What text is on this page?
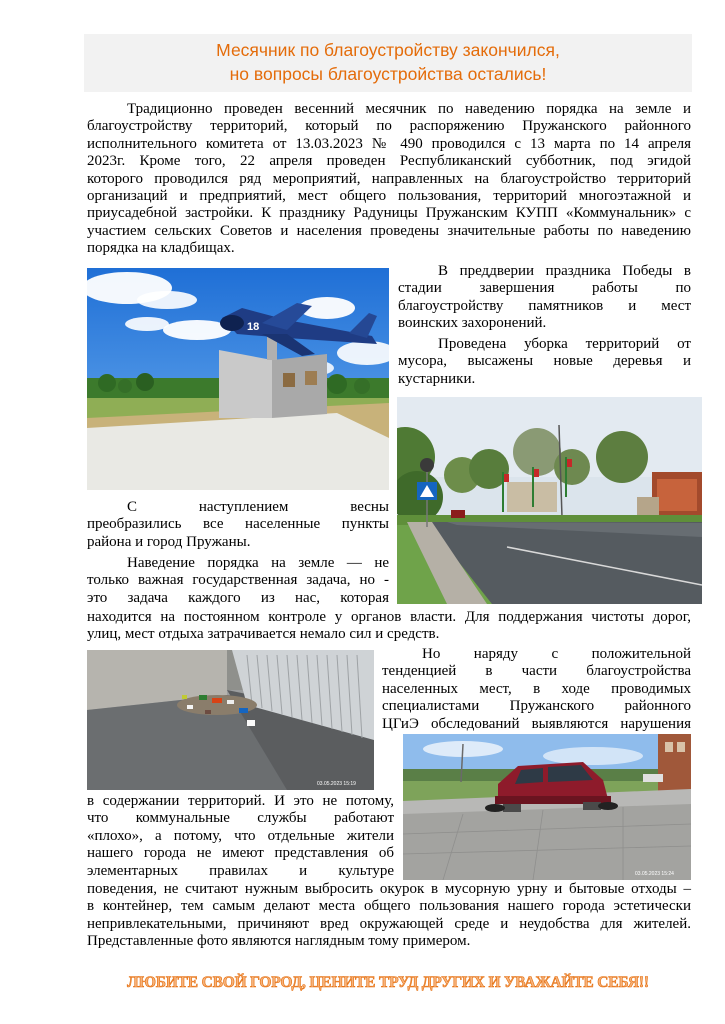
Месячник по благоустройству закончился,
но вопросы благоустройства остались!
Традиционно проведен весенний месячник по наведению порядка на земле и
благоустройству территорий, который по распоряжению Пружанского районного
исполнительного комитета от 13.03.2023 № 490 проводился с 13 марта по 14 апреля
2023г. Кроме того, 22 апреля проведен Республиканский субботник, под эгидой
которого проводился ряд мероприятий, направленных на благоустройство территорий
организаций и предприятий, мест общего пользования, территорий многоэтажной и
приусадебной застройки. К празднику Радуницы Пружанским КУПП «Коммунальник» с
участием сельских Советов и населения проведены значительные работы по наведению
порядка на кладбищах.
18
В преддверии праздника Победы в
стадии завершения работы по
благоустройству памятников и мест
воинских захоронений.
Проведена уборка территорий от
мусора, высажены новые деревья и
кустарники.
С наступлением весны
преобразились все населенные пункты
района и город Пружаны.
Наведение порядка на земле — не
только важная государственная задача, но -
это задача каждого из нас, которая
находится на постоянном контроле у органов власти. Для поддержания чистоты дорог,
улиц, мест отдыха затрачивается немало сил и средств.
03.05.2023 15:19
Но наряду с положительной
тенденцией в части благоустройства
населенных мест, в ходе проводимых
специалистами Пружанского районного
ЦГиЭ обследований выявляются нарушения
03.05.2023 15:24
в содержании территорий. И это не потому,
что коммунальные службы работают
«плохо», а потому, что отдельные жители
нашего города не имеют представления об
элементарных правилах и культуре
поведения, не считают нужным выбросить окурок в мусорную урну и бытовые отходы –
в контейнер, тем самым делают места общего пользования нашего города эстетически
непривлекательными, причиняют вред окружающей среде и неудобства для жителей.
Представленные фото являются наглядным тому примером.
ЛЮБИТЕ СВОЙ ГОРОД, ЦЕНИТЕ ТРУД ДРУГИХ И УВАЖАЙТЕ СЕБЯ!!
